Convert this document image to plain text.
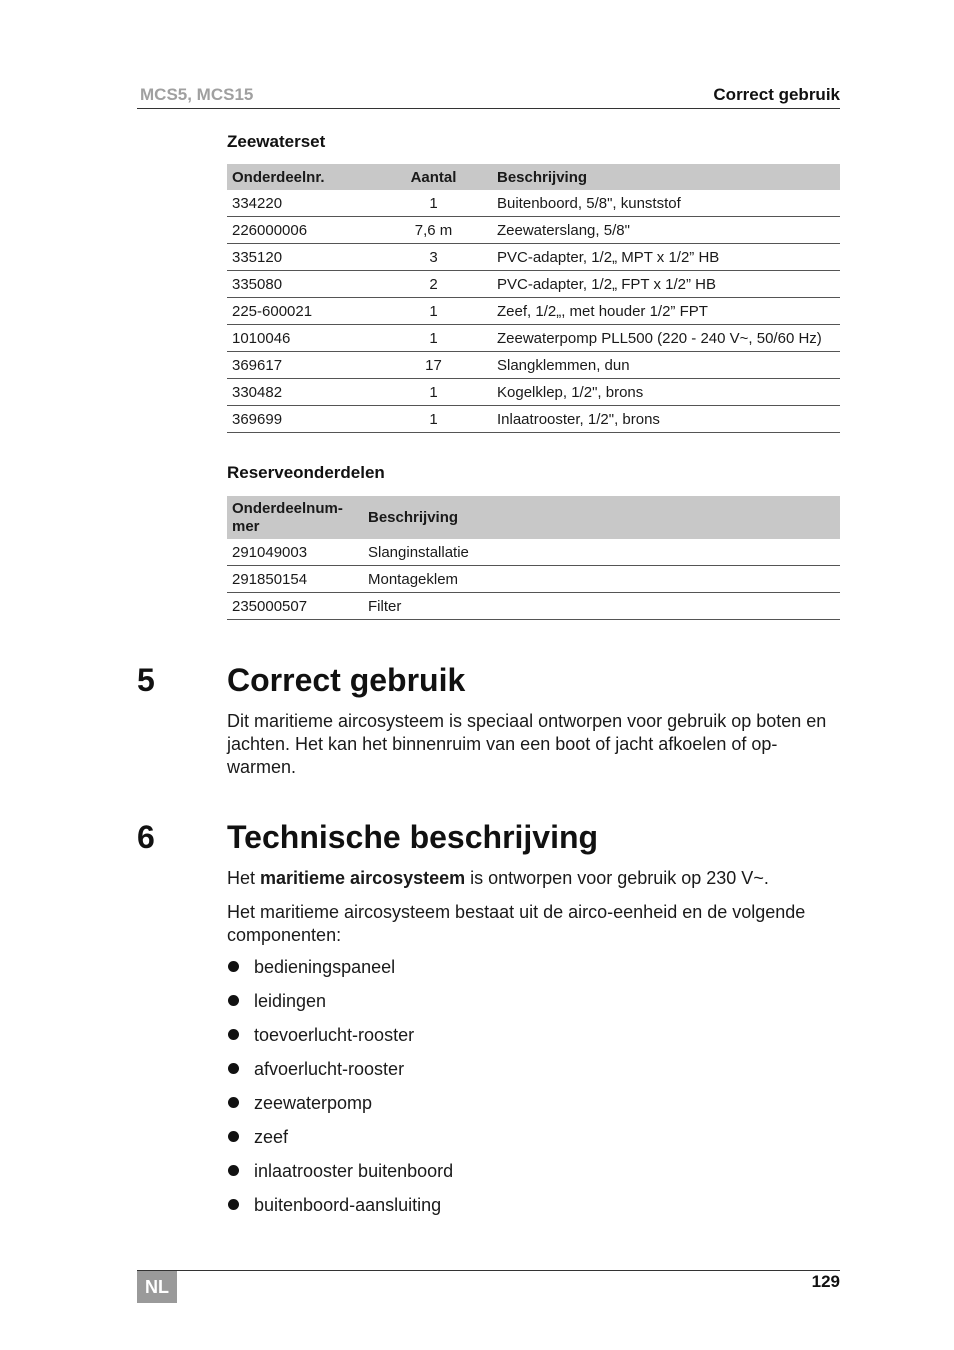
MCS5, MCS15	Correct gebruik
Zeewaterset
Onderdeelnr.	Aantal	Beschrijving
334220	1	Buitenboord, 5/8", kunststof
226000006	7,6 m	Zeewaterslang, 5/8"
335120	3	PVC-adapter, 1/2„ MPT x 1/2” HB
335080	2	PVC-adapter, 1/2„ FPT x 1/2” HB
225-600021	1	Zeef, 1/2„, met houder 1/2” FPT
1010046	1	Zeewaterpomp PLL500 (220 - 240 V~, 50/60 Hz)
369617	17	Slangklemmen, dun
330482	1	Kogelklep, 1/2", brons
369699	1	Inlaatrooster, 1/2", brons
Reserveonderdelen
Onderdeelnum-
mer	Beschrijving
291049003	Slanginstallatie
291850154	Montageklem
235000507	Filter
5 Correct gebruik

Dit maritieme aircosysteem is speciaal ontworpen voor gebruik op boten en jachten. Het kan het binnenruim van een boot of jacht afkoelen of op-warmen.

6 Technische beschrijving

Het maritieme aircosysteem is ontworpen voor gebruik op 230 V~.

Het maritieme aircosysteem bestaat uit de airco-eenheid en de volgende componenten:

bedieningspaneel
leidingen
toevoerlucht-rooster
afvoerlucht-rooster
zeewaterpomp
zeef
inlaatrooster buitenboord
buitenboord-aansluiting
NL	129
